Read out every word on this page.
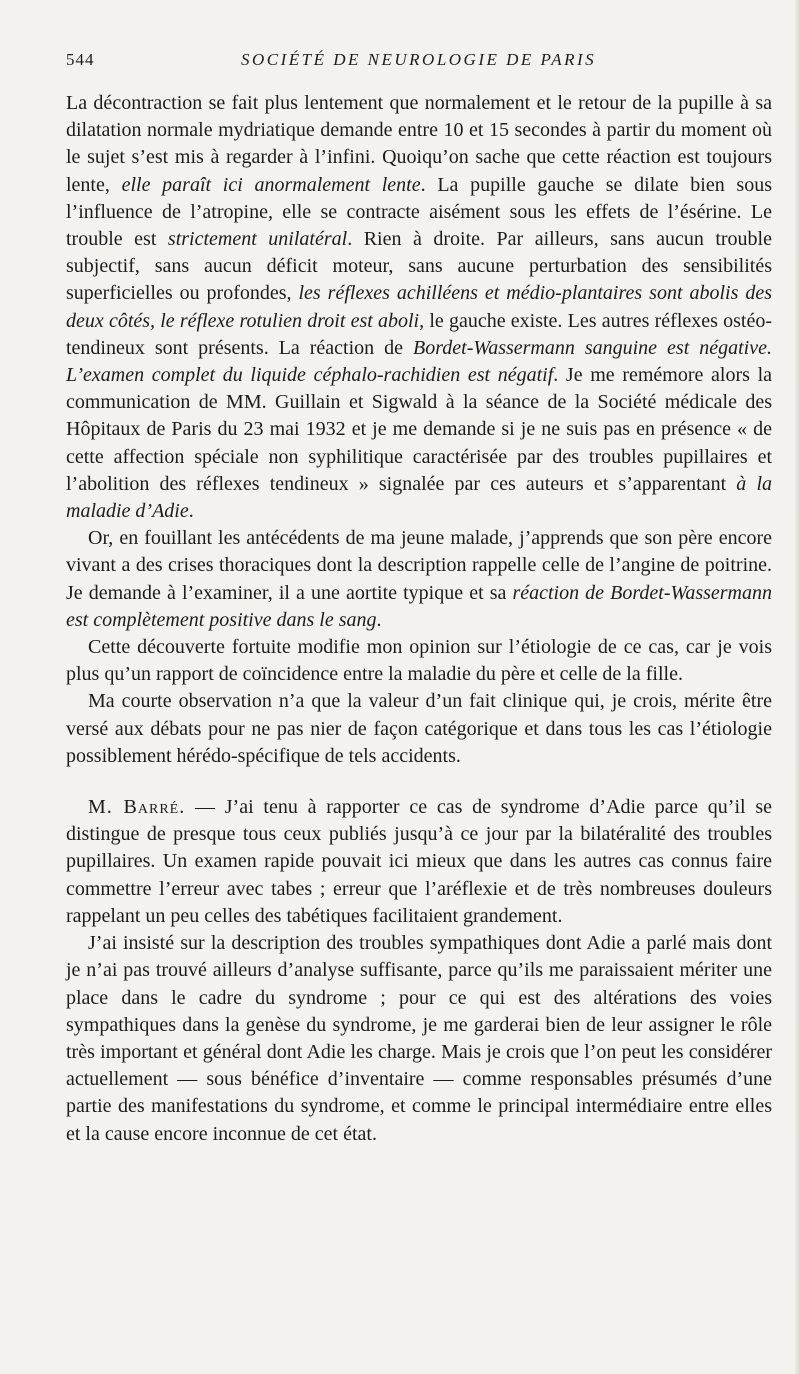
544	SOCIÉTÉ DE NEUROLOGIE DE PARIS

La décontraction se fait plus lentement que normalement et le retour de la pupille à sa dilatation normale mydriatique demande entre 10 et 15 secondes à partir du moment où le sujet s’est mis à regarder à l’infini. Quoiqu’on sache que cette réaction est toujours lente, elle paraît ici anormalement lente. La pupille gauche se dilate bien sous l’influence de l’atropine, elle se contracte aisément sous les effets de l’ésérine. Le trouble est strictement unilatéral. Rien à droite. Par ailleurs, sans aucun trouble subjectif, sans aucun déficit moteur, sans aucune perturbation des sensibilités superficielles ou profondes, les réflexes achilléens et médio-plantaires sont abolis des deux côtés, le réflexe rotulien droit est aboli, le gauche existe. Les autres réflexes ostéo-tendineux sont présents. La réaction de Bordet-Wassermann sanguine est négative. L’examen complet du liquide céphalo-rachidien est négatif. Je me remémore alors la communication de MM. Guillain et Sigwald à la séance de la Société médicale des Hôpitaux de Paris du 23 mai 1932 et je me demande si je ne suis pas en présence « de cette affection spéciale non syphilitique caractérisée par des troubles pupillaires et l’abolition des réflexes tendineux » signalée par ces auteurs et s’apparentant à la maladie d’Adie.

Or, en fouillant les antécédents de ma jeune malade, j’apprends que son père encore vivant a des crises thoraciques dont la description rappelle celle de l’angine de poitrine. Je demande à l’examiner, il a une aortite typique et sa réaction de Bordet-Wassermann est complètement positive dans le sang.

Cette découverte fortuite modifie mon opinion sur l’étiologie de ce cas, car je vois plus qu’un rapport de coïncidence entre la maladie du père et celle de la fille.

Ma courte observation n’a que la valeur d’un fait clinique qui, je crois, mérite être versé aux débats pour ne pas nier de façon catégorique et dans tous les cas l’étiologie possiblement hérédo-spécifique de tels accidents.

M. Barré. — J’ai tenu à rapporter ce cas de syndrome d’Adie parce qu’il se distingue de presque tous ceux publiés jusqu’à ce jour par la bilatéralité des troubles pupillaires. Un examen rapide pouvait ici mieux que dans les autres cas connus faire commettre l’erreur avec tabes ; erreur que l’aréflexie et de très nombreuses douleurs rappelant un peu celles des tabétiques facilitaient grandement.

J’ai insisté sur la description des troubles sympathiques dont Adie a parlé mais dont je n’ai pas trouvé ailleurs d’analyse suffisante, parce qu’ils me paraissaient mériter une place dans le cadre du syndrome ; pour ce qui est des altérations des voies sympathiques dans la genèse du syndrome, je me garderai bien de leur assigner le rôle très important et général dont Adie les charge. Mais je crois que l’on peut les considérer actuellement — sous bénéfice d’inventaire — comme responsables présumés d’une partie des manifestations du syndrome, et comme le principal intermédiaire entre elles et la cause encore inconnue de cet état.
